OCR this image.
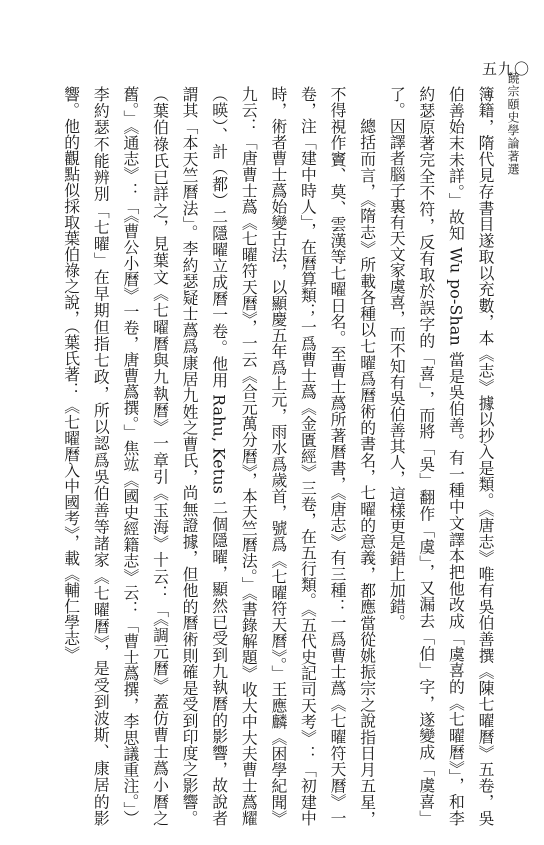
饒宗頤史學論著選
五九〇

簿籍，隋代見存書目遂取以充數，本《志》據以抄入是類。《唐志》唯有吳伯善撰《陳七曜曆》五卷，吳伯善始末未詳。」故知 Wu po-Shan 當是吳伯善。有一種中文譯本把他改成「虞喜的《七曜曆》」，和李約瑟原著完全不符，反有取於誤字的「喜」，而將「吳」翻作「虞」，又漏去「伯」字，遂變成「虞喜」了。因譯者腦子裏有天文家虞喜，而不知有吳伯善其人，這樣更是錯上加錯。

總括而言，《隋志》所載各種以七曜爲曆術的書名，七曜的意義，都應當從姚振宗之說指日月五星，不得視作竇、莫、雲漢等七曜日名。至曹士蔿所著曆書，《唐志》有三種：一爲曹士蔿《七曜符天曆》一卷，注「建中時人」，在曆算類；一爲曹士蔿《金匱經》三卷，在五行類。《五代史記司天考》：「初建中時，術者曹士蔿始變古法，以顯慶五年爲上元，雨水爲歲首，號爲《七曜符天曆》。」王應麟《困學紀聞》九云：「唐曹士蔿《七曜符天曆》，一云《合元萬分曆》，本天竺曆法。」《書錄解題》收大中大夫曹士蔿耀（暎）、計（都）二隱曜立成曆一卷。他用 Rahu, Ketus 二個隱曜，顯然已受到九執曆的影響，故說者謂其「本天竺曆法」。李約瑟疑士蔿爲康居九姓之曹氏，尚無證據，但他的曆術則確是受到印度之影響。（葉伯祿氏已詳之，見葉文《七曜曆與九執曆》一章引《玉海》十云：「《調元曆》蓋仿曹士蔿小曆之舊。」《通志》：「《曹公小曆》一卷，唐曹蔿撰。」焦竑《國史經籍志》云：「曹士蔿撰，李思議重注。」）李約瑟不能辨別「七曜」在早期但指七政，所以認爲吳伯善等諸家《七曜曆》，是受到波斯、康居的影響。他的觀點似採取葉伯祿之說，（葉氏著：《七曜曆入中國考》，載《輔仁學志》
